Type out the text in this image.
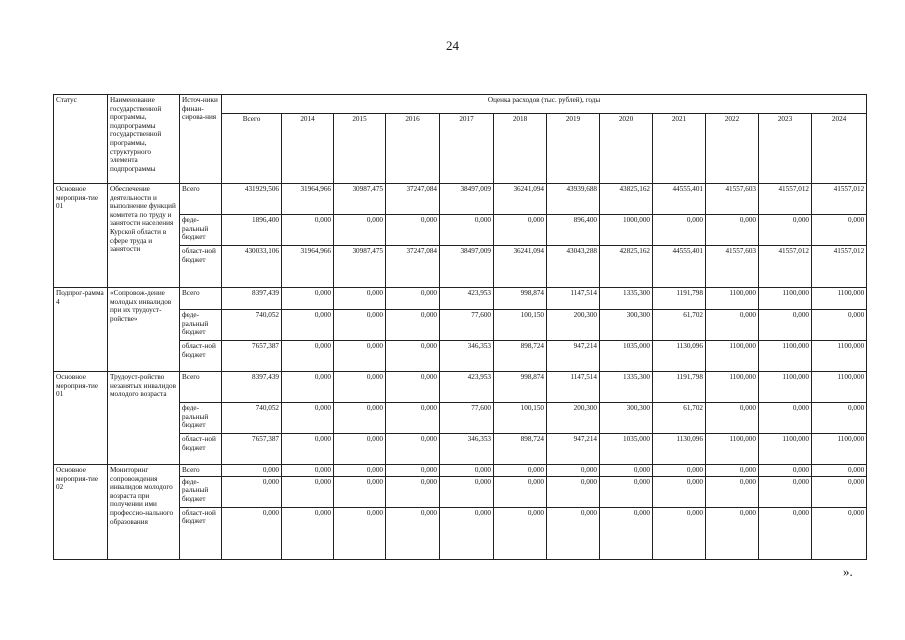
24
Статус	Наименование государственной программы, подпрограммы государственной программы, структурного элемента подпрограммы	Источ-ники финан-сирова-ния	Оценка расходов (тыс. рублей), годы											
			Всего	2014	2015	2016	2017	2018	2019	2020	2021	2022	2023	2024
Основное мероприя-тие 01	Обеспечение деятельности и выполнение функций комитета по труду и занятости населения Курской области в сфере труда и занятости	Всего	431929,506	31964,966	30987,475	37247,084	38497,009	36241,094	43939,688	43825,162	44555,401	41557,603	41557,012	41557,012
		феде-ральный бюджет	1896,400	0,000	0,000	0,000	0,000	0,000	896,400	1000,000	0,000	0,000	0,000	0,000
		област-ной бюджет	430033,106	31964,966	30987,475	37247,084	38497,009	36241,094	43043,288	42825,162	44555,401	41557,603	41557,012	41557,012
Подпрог-рамма 4	«Сопровож-дение молодых инвалидов при их трудоуст-ройстве»	Всего	8397,439	0,000	0,000	0,000	423,953	998,874	1147,514	1335,300	1191,798	1100,000	1100,000	1100,000
		феде-ральный бюджет	740,052	0,000	0,000	0,000	77,600	100,150	200,300	300,300	61,702	0,000	0,000	0,000
		област-ной бюджет	7657,387	0,000	0,000	0,000	346,353	898,724	947,214	1035,000	1130,096	1100,000	1100,000	1100,000
Основное мероприя-тие 01	Трудоуст-ройство незанятых инвалидов молодого возраста	Всего	8397,439	0,000	0,000	0,000	423,953	998,874	1147,514	1335,300	1191,798	1100,000	1100,000	1100,000
		феде-ральный бюджет	740,052	0,000	0,000	0,000	77,600	100,150	200,300	300,300	61,702	0,000	0,000	0,000
		област-ной бюджет	7657,387	0,000	0,000	0,000	346,353	898,724	947,214	1035,000	1130,096	1100,000	1100,000	1100,000
Основное мероприя-тие 02	Мониторинг сопровождения инвалидов молодого возраста при получении ими профессио-нального образования	Всего	0,000	0,000	0,000	0,000	0,000	0,000	0,000	0,000	0,000	0,000	0,000	0,000
		феде-ральный бюджет	0,000	0,000	0,000	0,000	0,000	0,000	0,000	0,000	0,000	0,000	0,000	0,000
		област-ной бюджет	0,000	0,000	0,000	0,000	0,000	0,000	0,000	0,000	0,000	0,000	0,000	0,000
».
